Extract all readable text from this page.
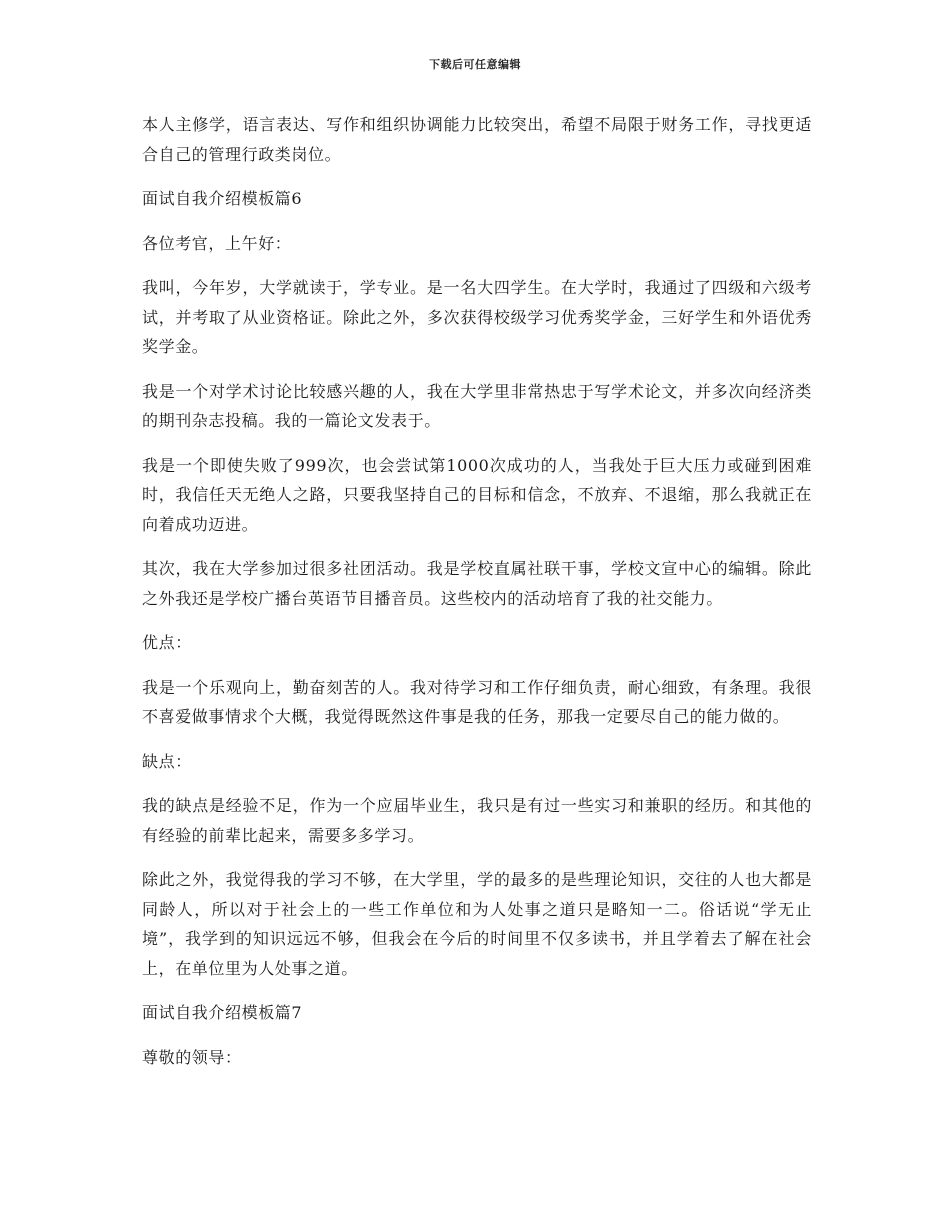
下载后可任意编辑

本人主修学，语言表达、写作和组织协调能力比较突出，希望不局限于财务工作，寻找更适合自己的管理行政类岗位。

面试自我介绍模板篇6

各位考官，上午好：

我叫，今年岁，大学就读于，学专业。是一名大四学生。在大学时，我通过了四级和六级考试，并考取了从业资格证。除此之外，多次获得校级学习优秀奖学金，三好学生和外语优秀奖学金。

我是一个对学术讨论比较感兴趣的人，我在大学里非常热忠于写学术论文，并多次向经济类的期刊杂志投稿。我的一篇论文发表于。

我是一个即使失败了999次，也会尝试第1000次成功的人，当我处于巨大压力或碰到困难时，我信任天无绝人之路，只要我坚持自己的目标和信念，不放弃、不退缩，那么我就正在向着成功迈进。

其次，我在大学参加过很多社团活动。我是学校直属社联干事，学校文宣中心的编辑。除此之外我还是学校广播台英语节目播音员。这些校内的活动培育了我的社交能力。

优点：

我是一个乐观向上，勤奋刻苦的人。我对待学习和工作仔细负责，耐心细致，有条理。我很不喜爱做事情求个大概，我觉得既然这件事是我的任务，那我一定要尽自己的能力做的。

缺点：

我的缺点是经验不足，作为一个应届毕业生，我只是有过一些实习和兼职的经历。和其他的有经验的前辈比起来，需要多多学习。

除此之外，我觉得我的学习不够，在大学里，学的最多的是些理论知识，交往的人也大都是同龄人，所以对于社会上的一些工作单位和为人处事之道只是略知一二。俗话说“学无止境”，我学到的知识远远不够，但我会在今后的时间里不仅多读书，并且学着去了解在社会上，在单位里为人处事之道。

面试自我介绍模板篇7

尊敬的领导：
